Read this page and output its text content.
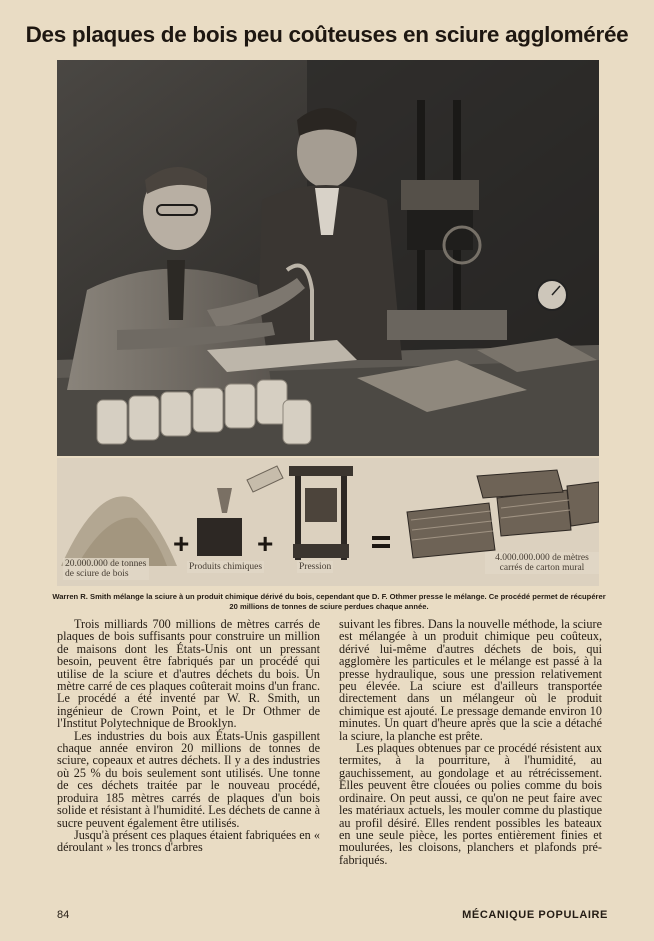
Des plaques de bois peu coûteuses en sciure agglomérée
+ +
20.000.000 de tonnes de sciure de bois
Produits chimiques	Pression
4.000.000.000 de mètres carrés de carton mural
Warren R. Smith mélange la sciure à un produit chimique dérivé du bois, cependant que D. F. Othmer presse le mélange. Ce procédé permet de récupérer 20 millions de tonnes de sciure perdues chaque année.

Trois milliards 700 millions de mètres carrés de plaques de bois suffisants pour construire un million de maisons dont les États-Unis ont un pressant besoin, peuvent être fabriqués par un procédé qui utilise de la sciure et d'autres déchets du bois. Un mètre carré de ces plaques coûterait moins d'un franc. Le procédé a été inventé par W. R. Smith, un ingénieur de Crown Point, et le Dr Othmer de l'Institut Polytechnique de Brooklyn.

Les industries du bois aux États-Unis gaspillent chaque année environ 20 millions de tonnes de sciure, copeaux et autres déchets. Il y a des industries où 25 % du bois seulement sont utilisés. Une tonne de ces déchets traitée par le nouveau procédé, produira 185 mètres carrés de plaques d'un bois solide et résistant à l'humidité. Les déchets de canne à sucre peuvent également être utilisés.

Jusqu'à présent ces plaques étaient fabriquées en « déroulant » les troncs d'arbres

suivant les fibres. Dans la nouvelle méthode, la sciure est mélangée à un produit chimique peu coûteux, dérivé lui-même d'autres déchets de bois, qui agglomère les particules et le mélange est passé à la presse hydraulique, sous une pression relativement peu élevée. La sciure est d'ailleurs transportée directement dans un mélangeur où le produit chimique est ajouté. Le pressage demande environ 10 minutes. Un quart d'heure après que la scie a détaché la sciure, la planche est prête.

Les plaques obtenues par ce procédé résistent aux termites, à la pourriture, à l'humidité, au gauchissement, au gondolage et au rétrécissement. Elles peuvent être clouées ou polies comme du bois ordinaire. On peut aussi, ce qu'on ne peut faire avec les matériaux actuels, les mouler comme du plastique au profil désiré. Elles rendent possibles les bateaux en une seule pièce, les portes entièrement finies et moulurées, les cloisons, planchers et plafonds pré-fabriqués.

84	MÉCANIQUE POPULAIRE
